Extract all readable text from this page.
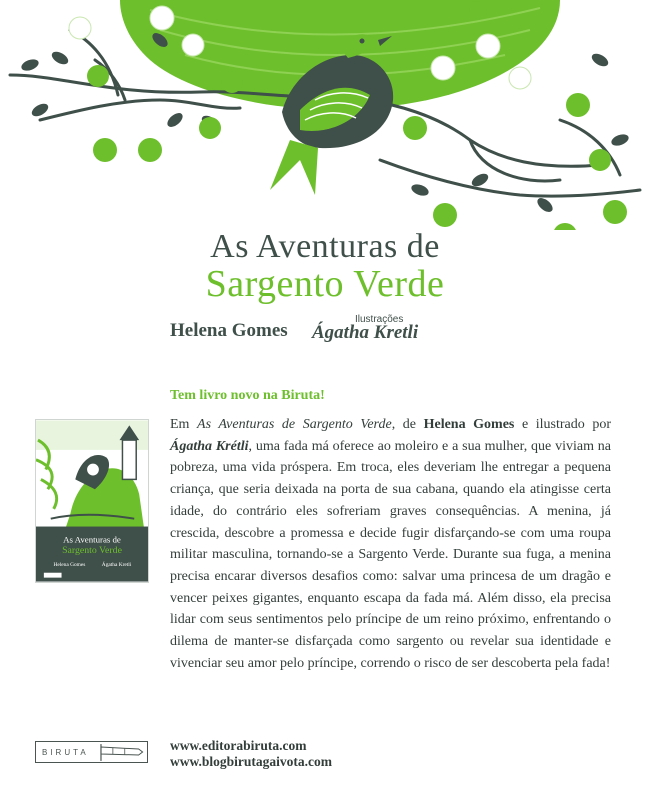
As Aventuras de
Sargento Verde
Helena Gomes
Ilustrações
Ágatha Kretli
Tem livro novo na Biruta!
As Aventuras de
Sargento Verde
Helena Gomes	Ágatha Kretli
Em As Aventuras de Sargento Verde, de Helena Gomes e ilustrado por Ágatha Krétli, uma fada má oferece ao moleiro e a sua mulher, que viviam na pobreza, uma vida próspera. Em troca, eles deveriam lhe entregar a pequena criança, que seria deixada na porta de sua cabana, quando ela atingisse certa idade, do contrário eles sofreriam graves consequências. A menina, já crescida, descobre a promessa e decide fugir disfarçando-se com uma roupa militar masculina, tornando-se a Sargento Verde. Durante sua fuga, a menina precisa encarar diversos desafios como: salvar uma princesa de um dragão e vencer peixes gigantes, enquanto escapa da fada má. Além disso, ela precisa lidar com seus sentimentos pelo príncipe de um reino próximo, enfrentando o dilema de manter-se disfarçada como sargento ou revelar sua identidade e vivenciar seu amor pelo príncipe, correndo o risco de ser descoberta pela fada!
BIRUTA	www.editorabiruta.com
www.blogbirutagaivota.com
